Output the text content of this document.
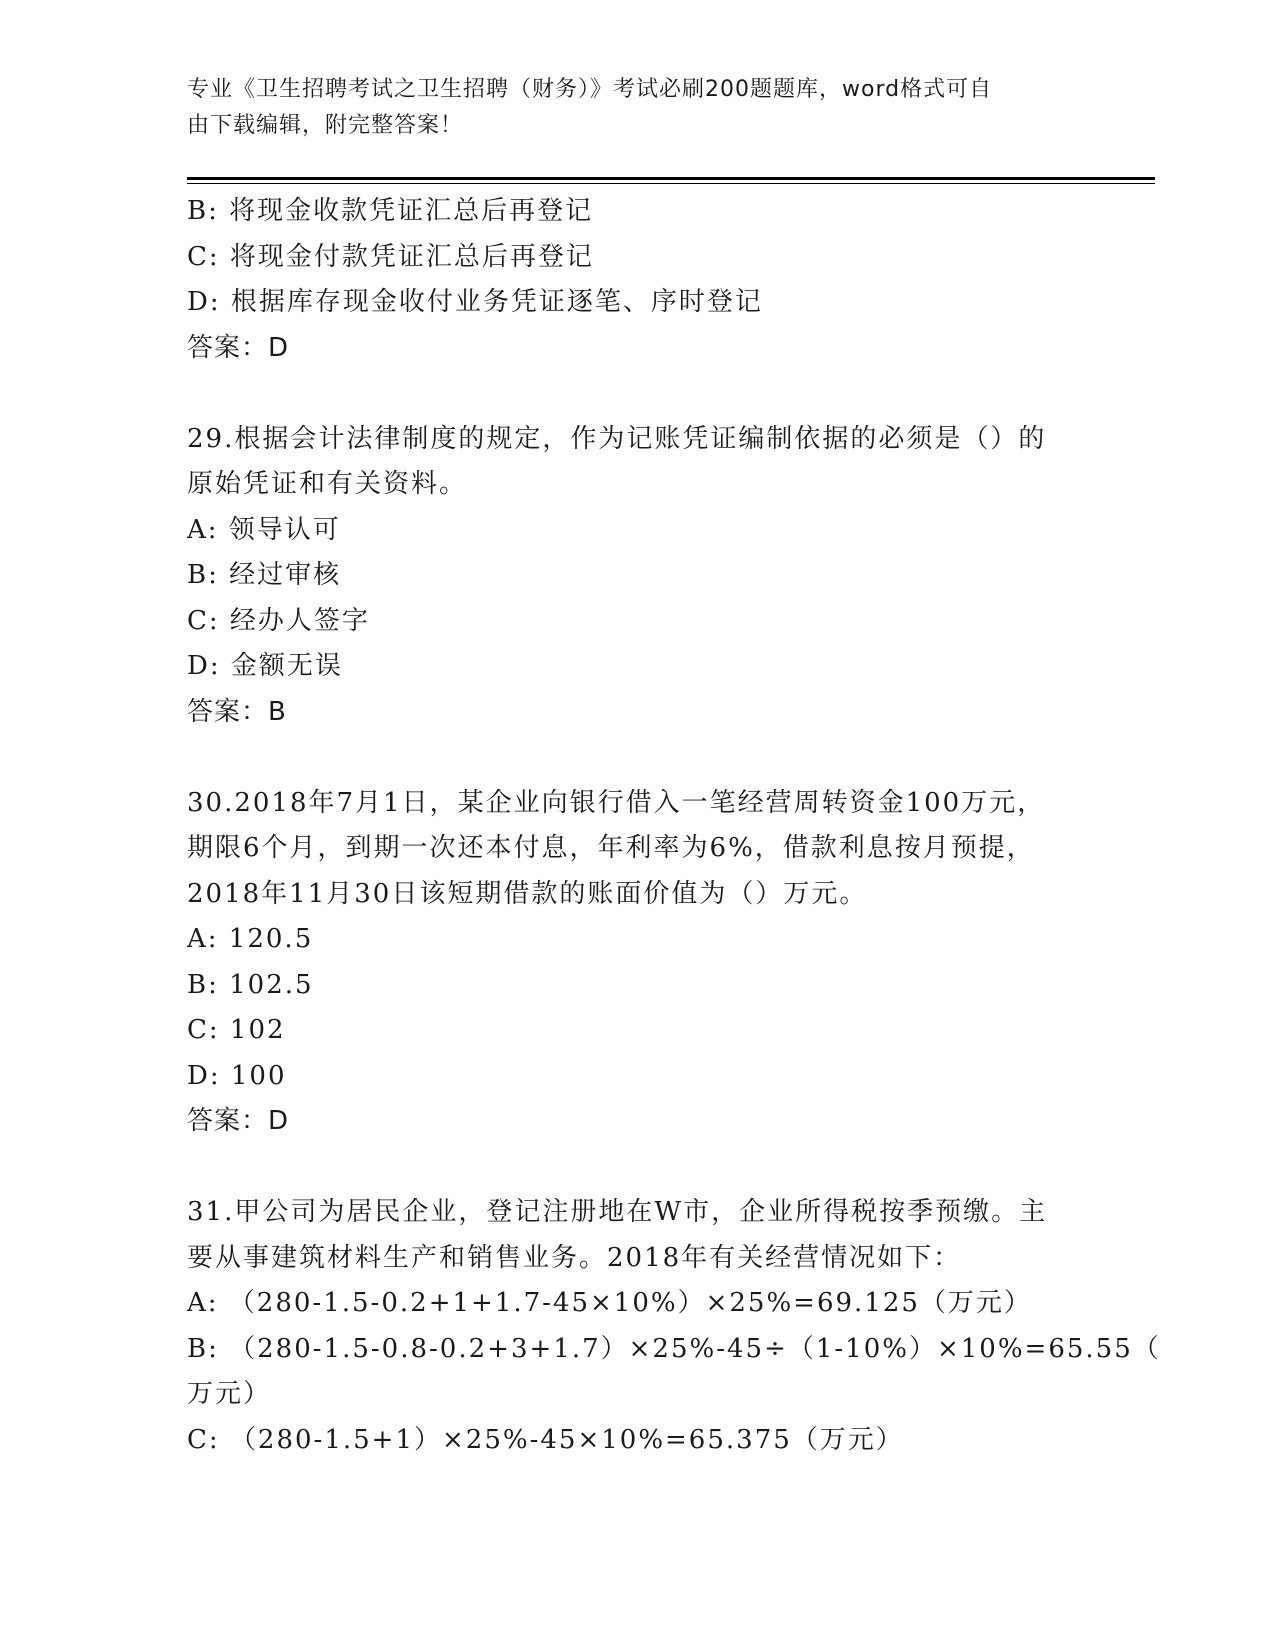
专业《卫生招聘考试之卫生招聘（财务）》考试必刷200题题库，word格式可自
由下载编辑，附完整答案！
B: 将现金收款凭证汇总后再登记
C: 将现金付款凭证汇总后再登记
D: 根据库存现金收付业务凭证逐笔、序时登记
答案：D
29.根据会计法律制度的规定，作为记账凭证编制依据的必须是（）的
原始凭证和有关资料。
A: 领导认可
B: 经过审核
C: 经办人签字
D: 金额无误
答案：B
30.2018年7月1日，某企业向银行借入一笔经营周转资金100万元，
期限6个月，到期一次还本付息，年利率为6%，借款利息按月预提，
2018年11月30日该短期借款的账面价值为（）万元。
A: 120.5
B: 102.5
C: 102
D: 100
答案：D
31.甲公司为居民企业，登记注册地在W市，企业所得税按季预缴。主
要从事建筑材料生产和销售业务。2018年有关经营情况如下：
A: （280-1.5-0.2+1+1.7-45×10%）×25%=69.125（万元）
B: （280-1.5-0.8-0.2+3+1.7）×25%-45÷（1-10%）×10%=65.55（
万元）
C: （280-1.5+1）×25%-45×10%=65.375（万元）
